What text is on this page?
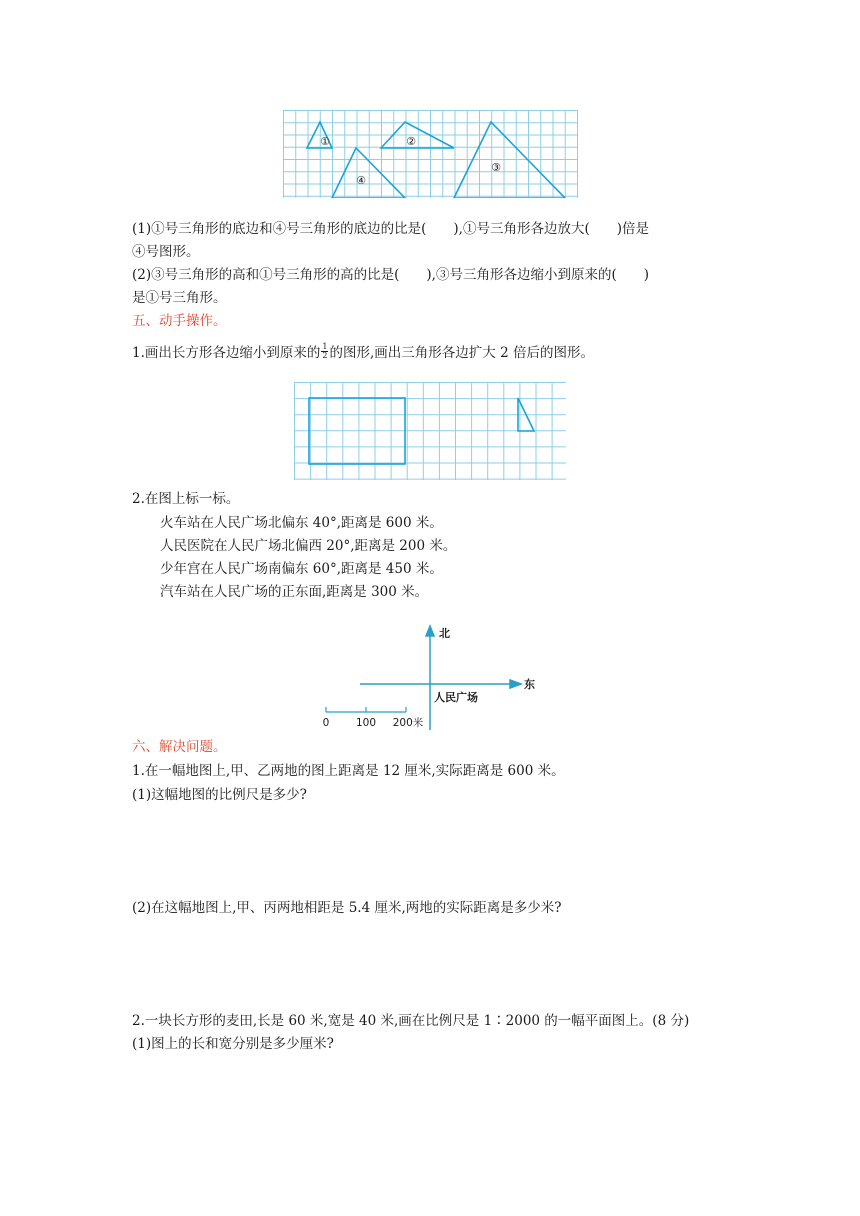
①	②
③
④
(1)①号三角形的底边和④号三角形的底边的比是(　　),①号三角形各边放大(　　)倍是
④号图形。
(2)③号三角形的高和①号三角形的高的比是(　　),③号三角形各边缩小到原来的(　　)
是①号三角形。
五、动手操作。
1.画出长方形各边缩小到原来的 $\frac{1}{2}$ 的图形,画出三角形各边扩大 2 倍后的图形。
2.在图上标一标。
火车站在人民广场北偏东 40°,距离是 600 米。
人民医院在人民广场北偏西 20°,距离是 200 米。
少年宫在人民广场南偏东 60°,距离是 450 米。
汽车站在人民广场的正东面,距离是 300 米。
北
东
人民广场
0	100 200米
六、解决问题。
1.在一幅地图上,甲、乙两地的图上距离是 12 厘米,实际距离是 600 米。
(1)这幅地图的比例尺是多少?
(2)在这幅地图上,甲、丙两地相距是 5.4 厘米,两地的实际距离是多少米?
2.一块长方形的麦田,长是 60 米,宽是 40 米,画在比例尺是 1∶2000 的一幅平面图上。(8 分)
(1)图上的长和宽分别是多少厘米?
